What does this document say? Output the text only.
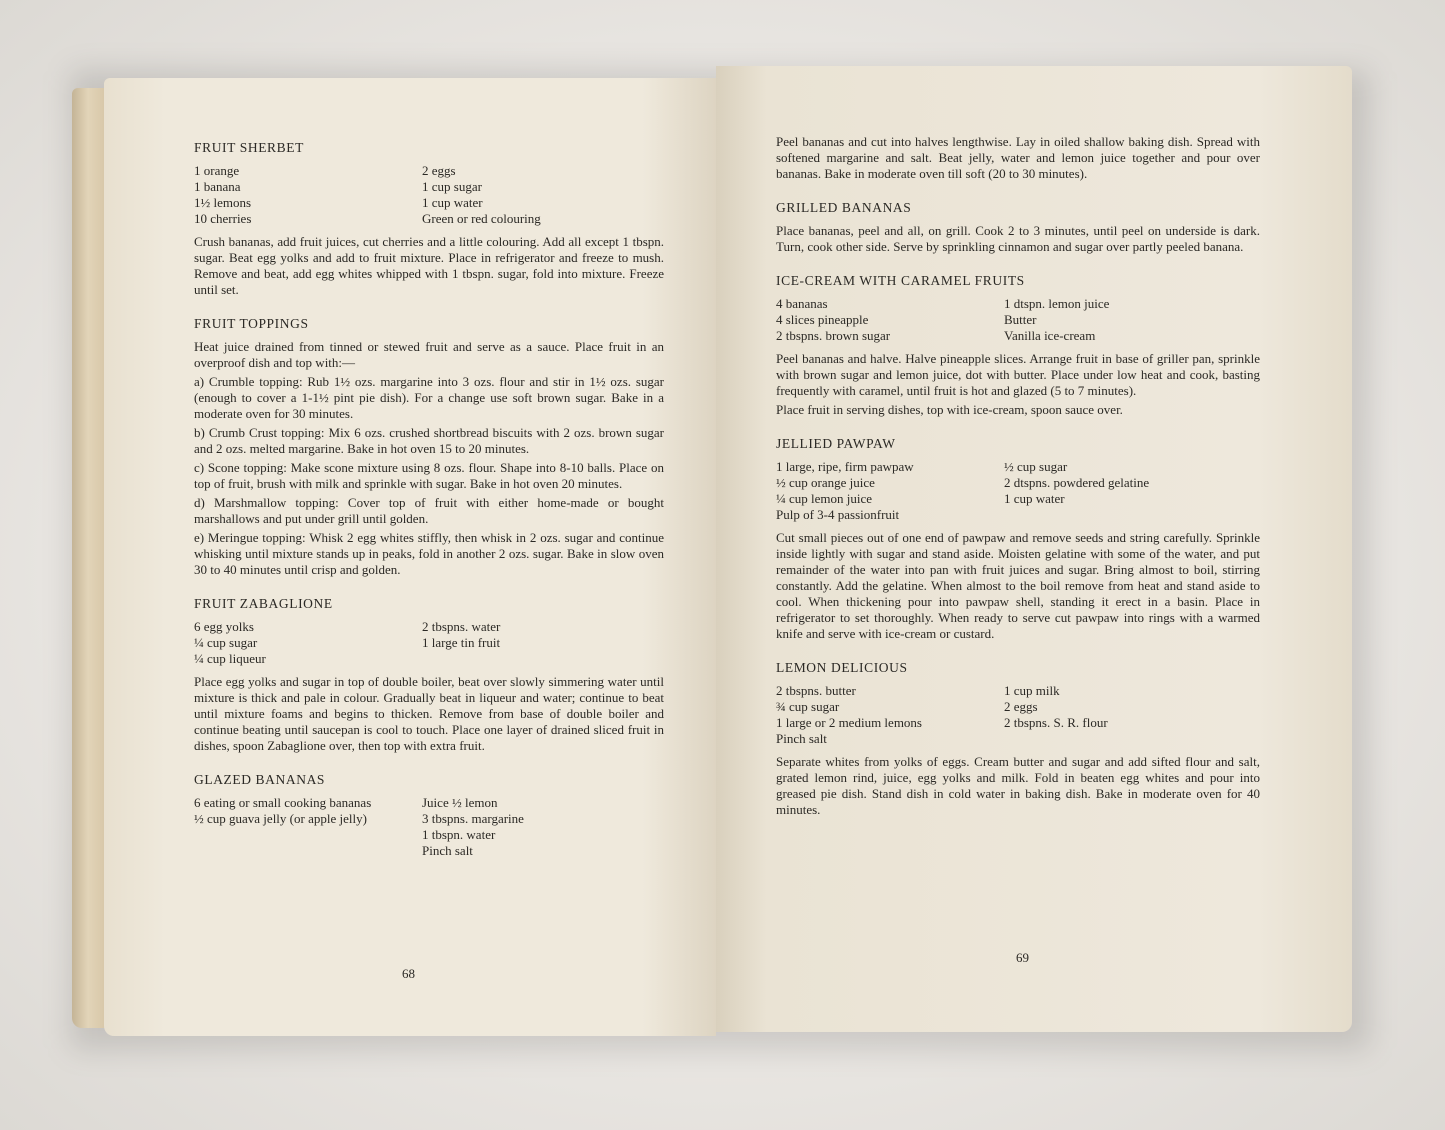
FRUIT SHERBET
1 orange
1 banana
1½ lemons
10 cherries
2 eggs
1 cup sugar
1 cup water
Green or red colouring

Crush bananas, add fruit juices, cut cherries and a little colouring. Add all except 1 tbspn. sugar. Beat egg yolks and add to fruit mixture. Place in refrigerator and freeze to mush. Remove and beat, add egg whites whipped with 1 tbspn. sugar, fold into mixture. Freeze until set.

FRUIT TOPPINGS

Heat juice drained from tinned or stewed fruit and serve as a sauce. Place fruit in an overproof dish and top with:—

a) Crumble topping: Rub 1½ ozs. margarine into 3 ozs. flour and stir in 1½ ozs. sugar (enough to cover a 1-1½ pint pie dish). For a change use soft brown sugar. Bake in a moderate oven for 30 minutes.

b) Crumb Crust topping: Mix 6 ozs. crushed shortbread biscuits with 2 ozs. brown sugar and 2 ozs. melted margarine. Bake in hot oven 15 to 20 minutes.

c) Scone topping: Make scone mixture using 8 ozs. flour. Shape into 8-10 balls. Place on top of fruit, brush with milk and sprinkle with sugar. Bake in hot oven 20 minutes.

d) Marshmallow topping: Cover top of fruit with either home-made or bought marshallows and put under grill until golden.

e) Meringue topping: Whisk 2 egg whites stiffly, then whisk in 2 ozs. sugar and continue whisking until mixture stands up in peaks, fold in another 2 ozs. sugar. Bake in slow oven 30 to 40 minutes until crisp and golden.

FRUIT ZABAGLIONE
6 egg yolks
¼ cup sugar
¼ cup liqueur
2 tbspns. water
1 large tin fruit

Place egg yolks and sugar in top of double boiler, beat over slowly simmering water until mixture is thick and pale in colour. Gradually beat in liqueur and water; continue to beat until mixture foams and begins to thicken. Remove from base of double boiler and continue beating until saucepan is cool to touch. Place one layer of drained sliced fruit in dishes, spoon Zabaglione over, then top with extra fruit.

GLAZED BANANAS
6 eating or small cooking bananas
½ cup guava jelly (or apple jelly)
Juice ½ lemon
3 tbspns. margarine
1 tbspn. water
Pinch salt
68

Peel bananas and cut into halves lengthwise. Lay in oiled shallow baking dish. Spread with softened margarine and salt. Beat jelly, water and lemon juice together and pour over bananas. Bake in moderate oven till soft (20 to 30 minutes).

GRILLED BANANAS

Place bananas, peel and all, on grill. Cook 2 to 3 minutes, until peel on underside is dark. Turn, cook other side. Serve by sprinkling cinnamon and sugar over partly peeled banana.

ICE-CREAM WITH CARAMEL FRUITS
4 bananas
4 slices pineapple
2 tbspns. brown sugar
1 dtspn. lemon juice
Butter
Vanilla ice-cream

Peel bananas and halve. Halve pineapple slices. Arrange fruit in base of griller pan, sprinkle with brown sugar and lemon juice, dot with butter. Place under low heat and cook, basting frequently with caramel, until fruit is hot and glazed (5 to 7 minutes).

Place fruit in serving dishes, top with ice-cream, spoon sauce over.

JELLIED PAWPAW
1 large, ripe, firm pawpaw
½ cup orange juice
¼ cup lemon juice
Pulp of 3-4 passionfruit
½ cup sugar
2 dtspns. powdered gelatine
1 cup water

Cut small pieces out of one end of pawpaw and remove seeds and string carefully. Sprinkle inside lightly with sugar and stand aside. Moisten gelatine with some of the water, and put remainder of the water into pan with fruit juices and sugar. Bring almost to boil, stirring constantly. Add the gelatine. When almost to the boil remove from heat and stand aside to cool. When thickening pour into pawpaw shell, standing it erect in a basin. Place in refrigerator to set thoroughly. When ready to serve cut pawpaw into rings with a warmed knife and serve with ice-cream or custard.

LEMON DELICIOUS
2 tbspns. butter
¾ cup sugar
1 large or 2 medium lemons
Pinch salt
1 cup milk
2 eggs
2 tbspns. S. R. flour

Separate whites from yolks of eggs. Cream butter and sugar and add sifted flour and salt, grated lemon rind, juice, egg yolks and milk. Fold in beaten egg whites and pour into greased pie dish. Stand dish in cold water in baking dish. Bake in moderate oven for 40 minutes.

69
